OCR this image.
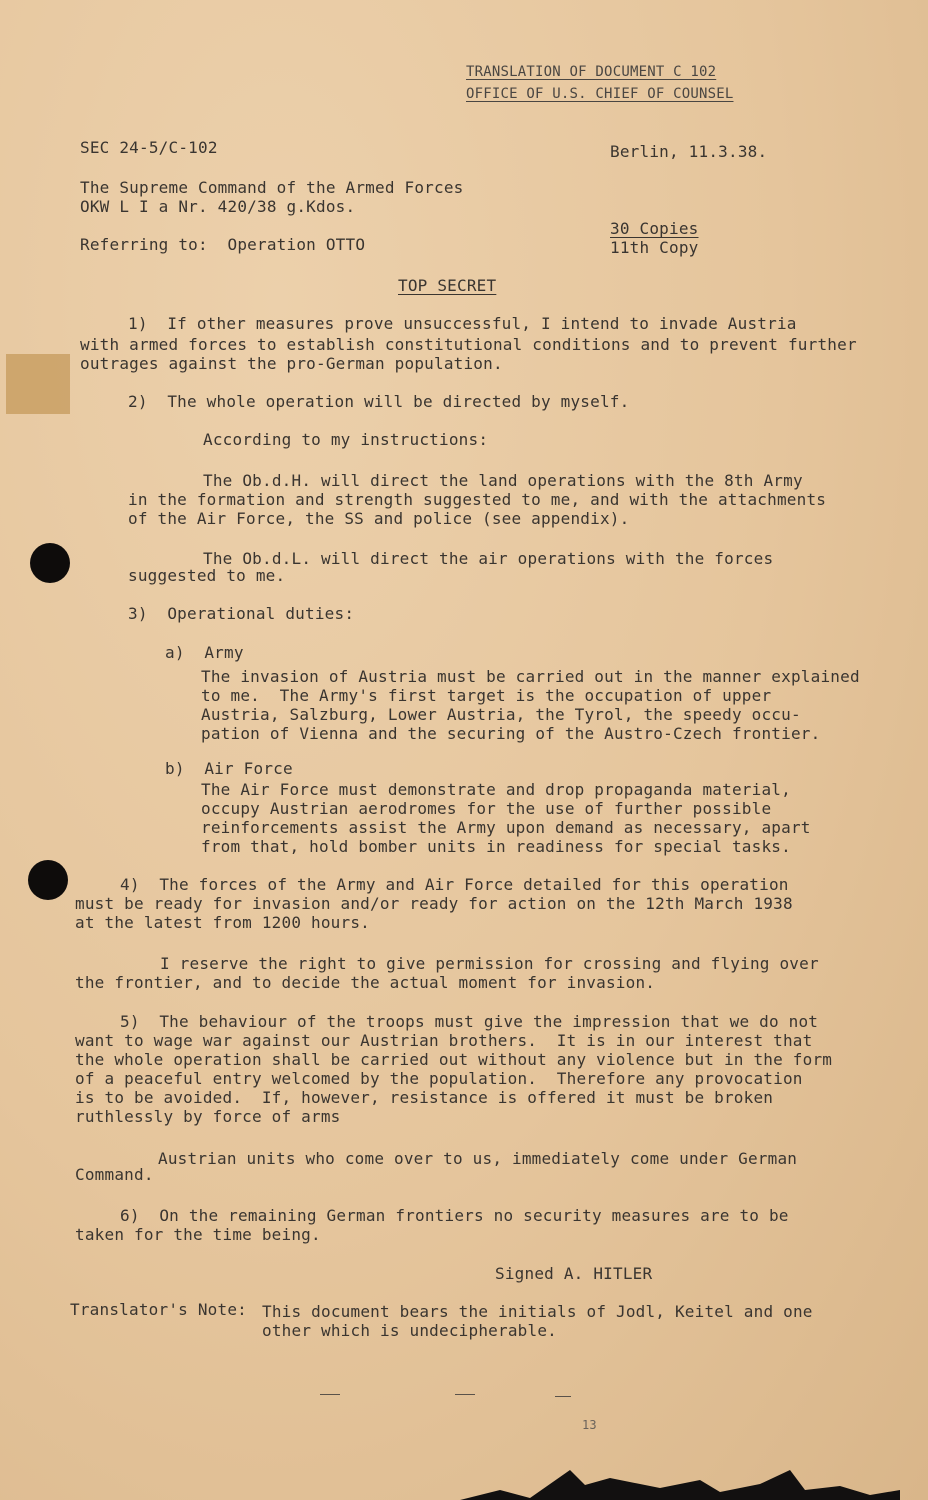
TRANSLATION OF DOCUMENT C 102
OFFICE OF U.S. CHIEF OF COUNSEL
SEC 24-5/C-102	Berlin, 11.3.38.
The Supreme Command of the Armed Forces
OKW L I a Nr. 420/38 g.Kdos.
30 Copies
11th Copy
Referring to:  Operation OTTO
TOP SECRET
1)  If other measures prove unsuccessful, I intend to invade Austria
with armed forces to establish constitutional conditions and to prevent further
outrages against the pro-German population.
2)  The whole operation will be directed by myself.
According to my instructions:
The Ob.d.H. will direct the land operations with the 8th Army
in the formation and strength suggested to me, and with the attachments
of the Air Force, the SS and police (see appendix).
The Ob.d.L. will direct the air operations with the forces
suggested to me.
3)  Operational duties:
a)  Army
The invasion of Austria must be carried out in the manner explained
to me.  The Army's first target is the occupation of upper
Austria, Salzburg, Lower Austria, the Tyrol, the speedy occu-
pation of Vienna and the securing of the Austro-Czech frontier.
b)  Air Force
The Air Force must demonstrate and drop propaganda material,
occupy Austrian aerodromes for the use of further possible
reinforcements assist the Army upon demand as necessary, apart
from that, hold bomber units in readiness for special tasks.
4)  The forces of the Army and Air Force detailed for this operation
must be ready for invasion and/or ready for action on the 12th March 1938
at the latest from 1200 hours.
I reserve the right to give permission for crossing and flying over
the frontier, and to decide the actual moment for invasion.
5)  The behaviour of the troops must give the impression that we do not
want to wage war against our Austrian brothers.  It is in our interest that
the whole operation shall be carried out without any violence but in the form
of a peaceful entry welcomed by the population.  Therefore any provocation
is to be avoided.  If, however, resistance is offered it must be broken
ruthlessly by force of arms
Austrian units who come over to us, immediately come under German
Command.
6)  On the remaining German frontiers no security measures are to be
taken for the time being.
Signed A. HITLER
Translator's Note: This document bears the initials of Jodl, Keitel and one
other which is undecipherable.
13
